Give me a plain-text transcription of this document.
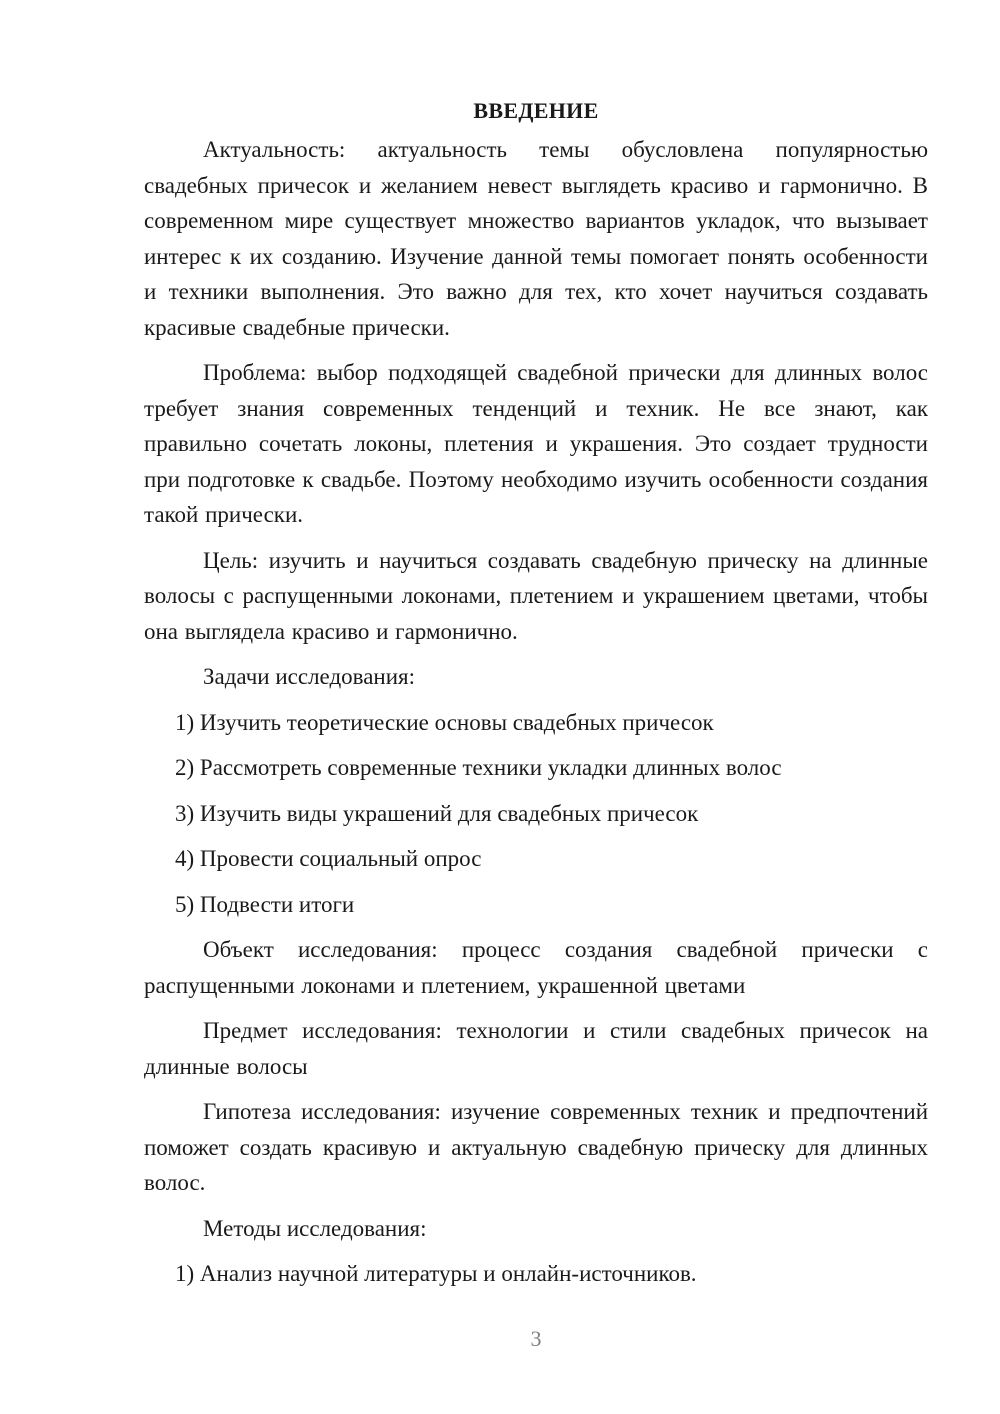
ВВЕДЕНИЕ

Актуальность: актуальность темы обусловлена популярностью свадебных причесок и желанием невест выглядеть красиво и гармонично. В современном мире существует множество вариантов укладок, что вызывает интерес к их созданию. Изучение данной темы помогает понять особенности и техники выполнения. Это важно для тех, кто хочет научиться создавать красивые свадебные прически.

Проблема: выбор подходящей свадебной прически для длинных волос требует знания современных тенденций и техник. Не все знают, как правильно сочетать локоны, плетения и украшения. Это создает трудности при подготовке к свадьбе. Поэтому необходимо изучить особенности создания такой прически.

Цель: изучить и научиться создавать свадебную прическу на длинные волосы с распущенными локонами, плетением и украшением цветами, чтобы она выглядела красиво и гармонично.

Задачи исследования:

1) Изучить теоретические основы свадебных причесок

2) Рассмотреть современные техники укладки длинных волос

3) Изучить виды украшений для свадебных причесок

4) Провести социальный опрос

5) Подвести итоги

Объект исследования: процесс создания свадебной прически с распущенными локонами и плетением, украшенной цветами

Предмет исследования: технологии и стили свадебных причесок на длинные волосы

Гипотеза исследования: изучение современных техник и предпочтений поможет создать красивую и актуальную свадебную прическу для длинных волос.

Методы исследования:

1) Анализ научной литературы и онлайн-источников.

3
